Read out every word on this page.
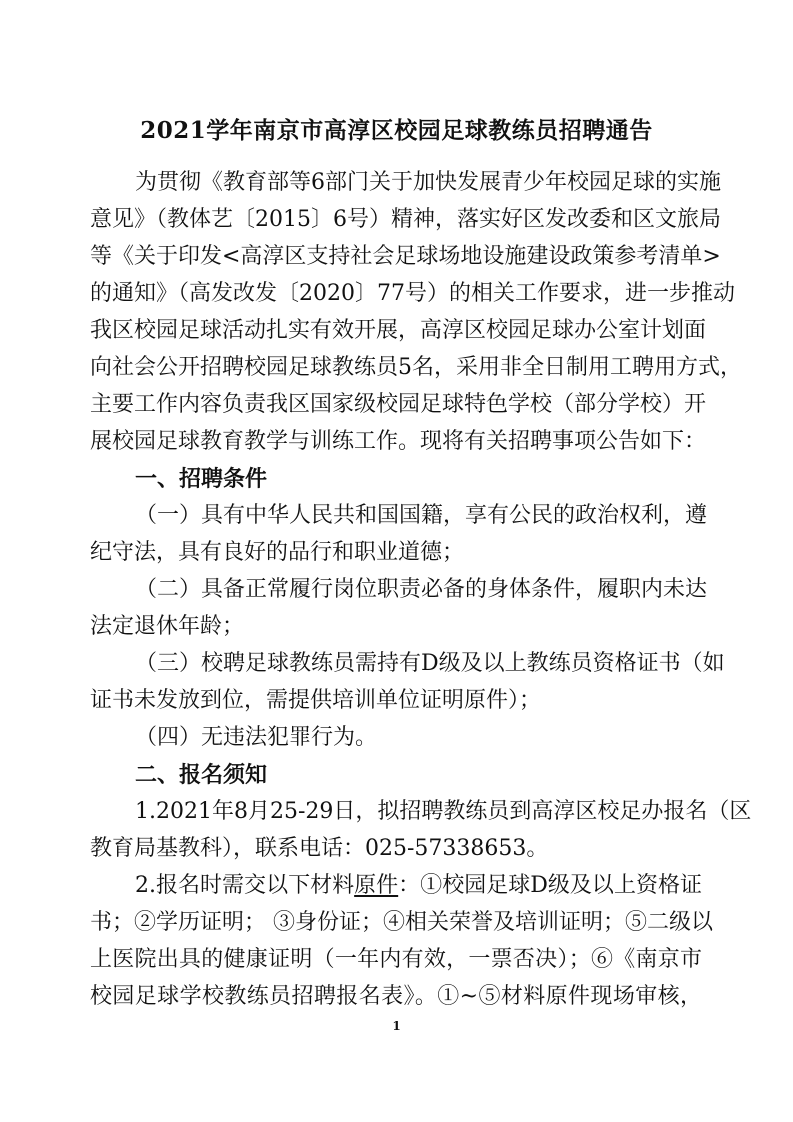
2021学年南京市高淳区校园足球教练员招聘通告
为贯彻《教育部等6部门关于加快发展青少年校园足球的实施
意见》（教体艺〔2015〕6号）精神，落实好区发改委和区文旅局
等《关于印发<高淳区支持社会足球场地设施建设政策参考清单>
的通知》（高发改发〔2020〕77号）的相关工作要求，进一步推动
我区校园足球活动扎实有效开展，高淳区校园足球办公室计划面
向社会公开招聘校园足球教练员5名，采用非全日制用工聘用方式，
主要工作内容负责我区国家级校园足球特色学校（部分学校）开
展校园足球教育教学与训练工作。现将有关招聘事项公告如下：
一、招聘条件
（一）具有中华人民共和国国籍，享有公民的政治权利，遵
纪守法，具有良好的品行和职业道德；
（二）具备正常履行岗位职责必备的身体条件，履职内未达
法定退休年龄；
（三）校聘足球教练员需持有D级及以上教练员资格证书（如
证书未发放到位，需提供培训单位证明原件）；
（四）无违法犯罪行为。
二、报名须知
1.2021年8月25-29日，拟招聘教练员到高淳区校足办报名（区
教育局基教科），联系电话：025-57338653。
2.报名时需交以下材料原件：①校园足球D级及以上资格证
书；②学历证明； ③身份证；④相关荣誉及培训证明；⑤二级以
上医院出具的健康证明（一年内有效，一票否决）；⑥《南京市
校园足球学校教练员招聘报名表》。①~⑤材料原件现场审核，
1
